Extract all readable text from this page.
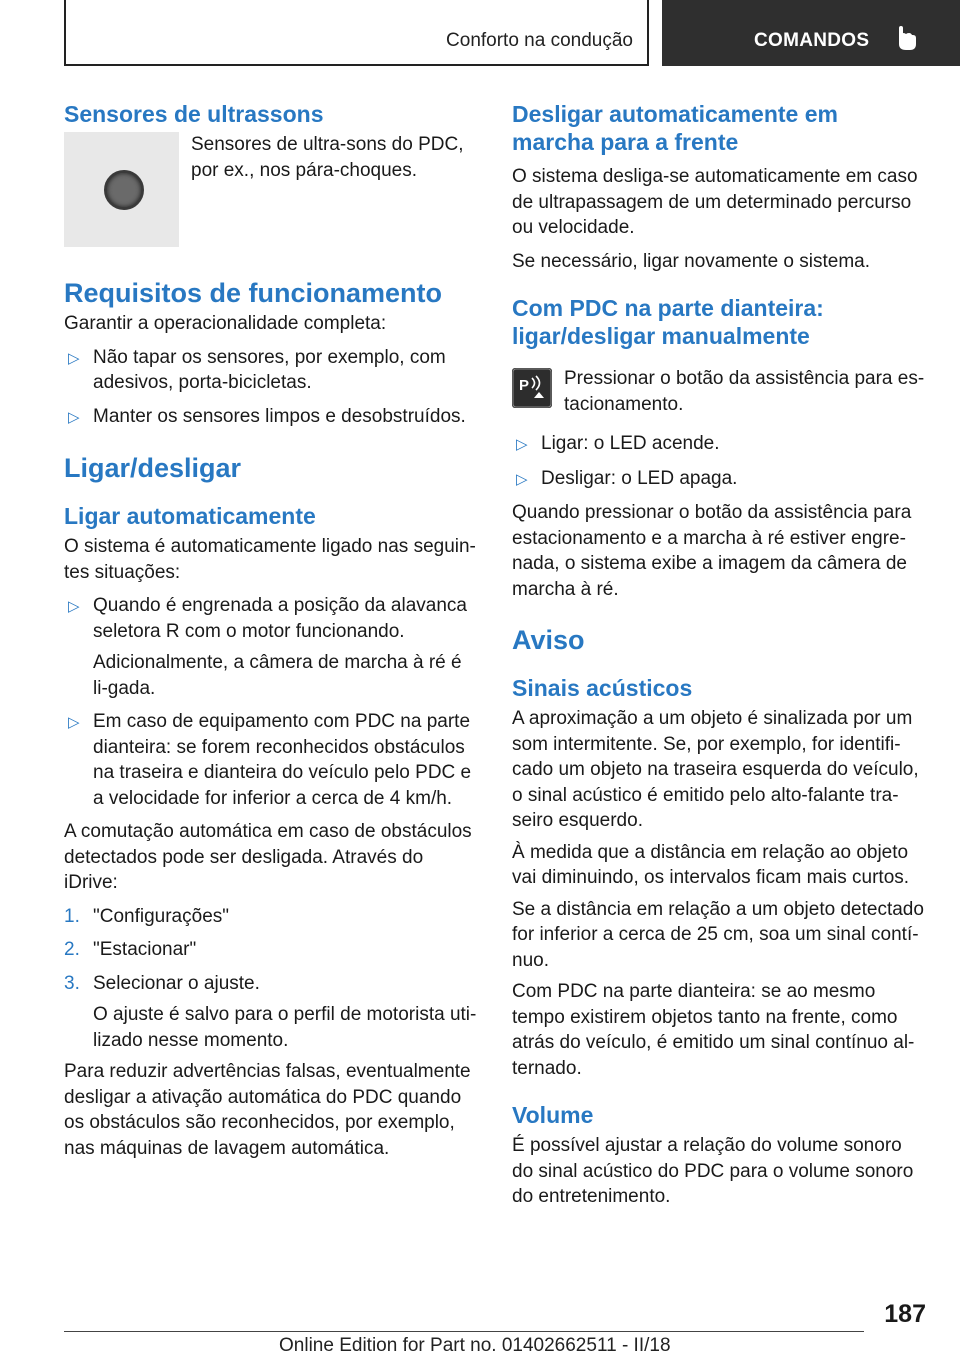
Conforto na condução	COMANDOS
Sensores de ultrassons

Sensores de ultra-sons do PDC, por ex., nos pára-choques.

Requisitos de funcionamento

Garantir a operacionalidade completa:

▷ Não tapar os sensores, por exemplo, com adesivos, porta-bicicletas.
▷ Manter os sensores limpos e desobstruídos.
Ligar/desligar
Ligar automaticamente

O sistema é automaticamente ligado nas seguin-tes situações:

▷ Quando é engrenada a posição da alavanca seletora R com o motor funcionando.

Adicionalmente, a câmera de marcha à ré é li-gada.

▷ Em caso de equipamento com PDC na parte dianteira: se forem reconhecidos obstáculos na traseira e dianteira do veículo pelo PDC e a velocidade for inferior a cerca de 4 km/h.

A comutação automática em caso de obstáculos detectados pode ser desligada. Através do iDrive:

1. "Configurações"
2. "Estacionar"
3. Selecionar o ajuste.

O ajuste é salvo para o perfil de motorista uti-lizado nesse momento.

Para reduzir advertências falsas, eventualmente desligar a ativação automática do PDC quando os obstáculos são reconhecidos, por exemplo, nas máquinas de lavagem automática.

Desligar automaticamente em marcha para a frente

O sistema desliga-se automaticamente em caso de ultrapassagem de um determinado percurso ou velocidade.

Se necessário, ligar novamente o sistema.

Com PDC na parte dianteira: ligar/desligar manualmente
P Pressionar o botão da assistência para es-tacionamento.

▷ Ligar: o LED acende.
▷ Desligar: o LED apaga.

Quando pressionar o botão da assistência para estacionamento e a marcha à ré estiver engre-nada, o sistema exibe a imagem da câmera de marcha à ré.

Aviso
Sinais acústicos

A aproximação a um objeto é sinalizada por um som intermitente. Se, por exemplo, for identifi-cado um objeto na traseira esquerda do veículo, o sinal acústico é emitido pelo alto-falante tra-seiro esquerdo.

À medida que a distância em relação ao objeto vai diminuindo, os intervalos ficam mais curtos.

Se a distância em relação a um objeto detectado for inferior a cerca de 25 cm, soa um sinal contí-nuo.

Com PDC na parte dianteira: se ao mesmo tempo existirem objetos tanto na frente, como atrás do veículo, é emitido um sinal contínuo al-ternado.

Volume

É possível ajustar a relação do volume sonoro do sinal acústico do PDC para o volume sonoro do entretenimento.

187
Online Edition for Part no. 01402662511 - II/18
